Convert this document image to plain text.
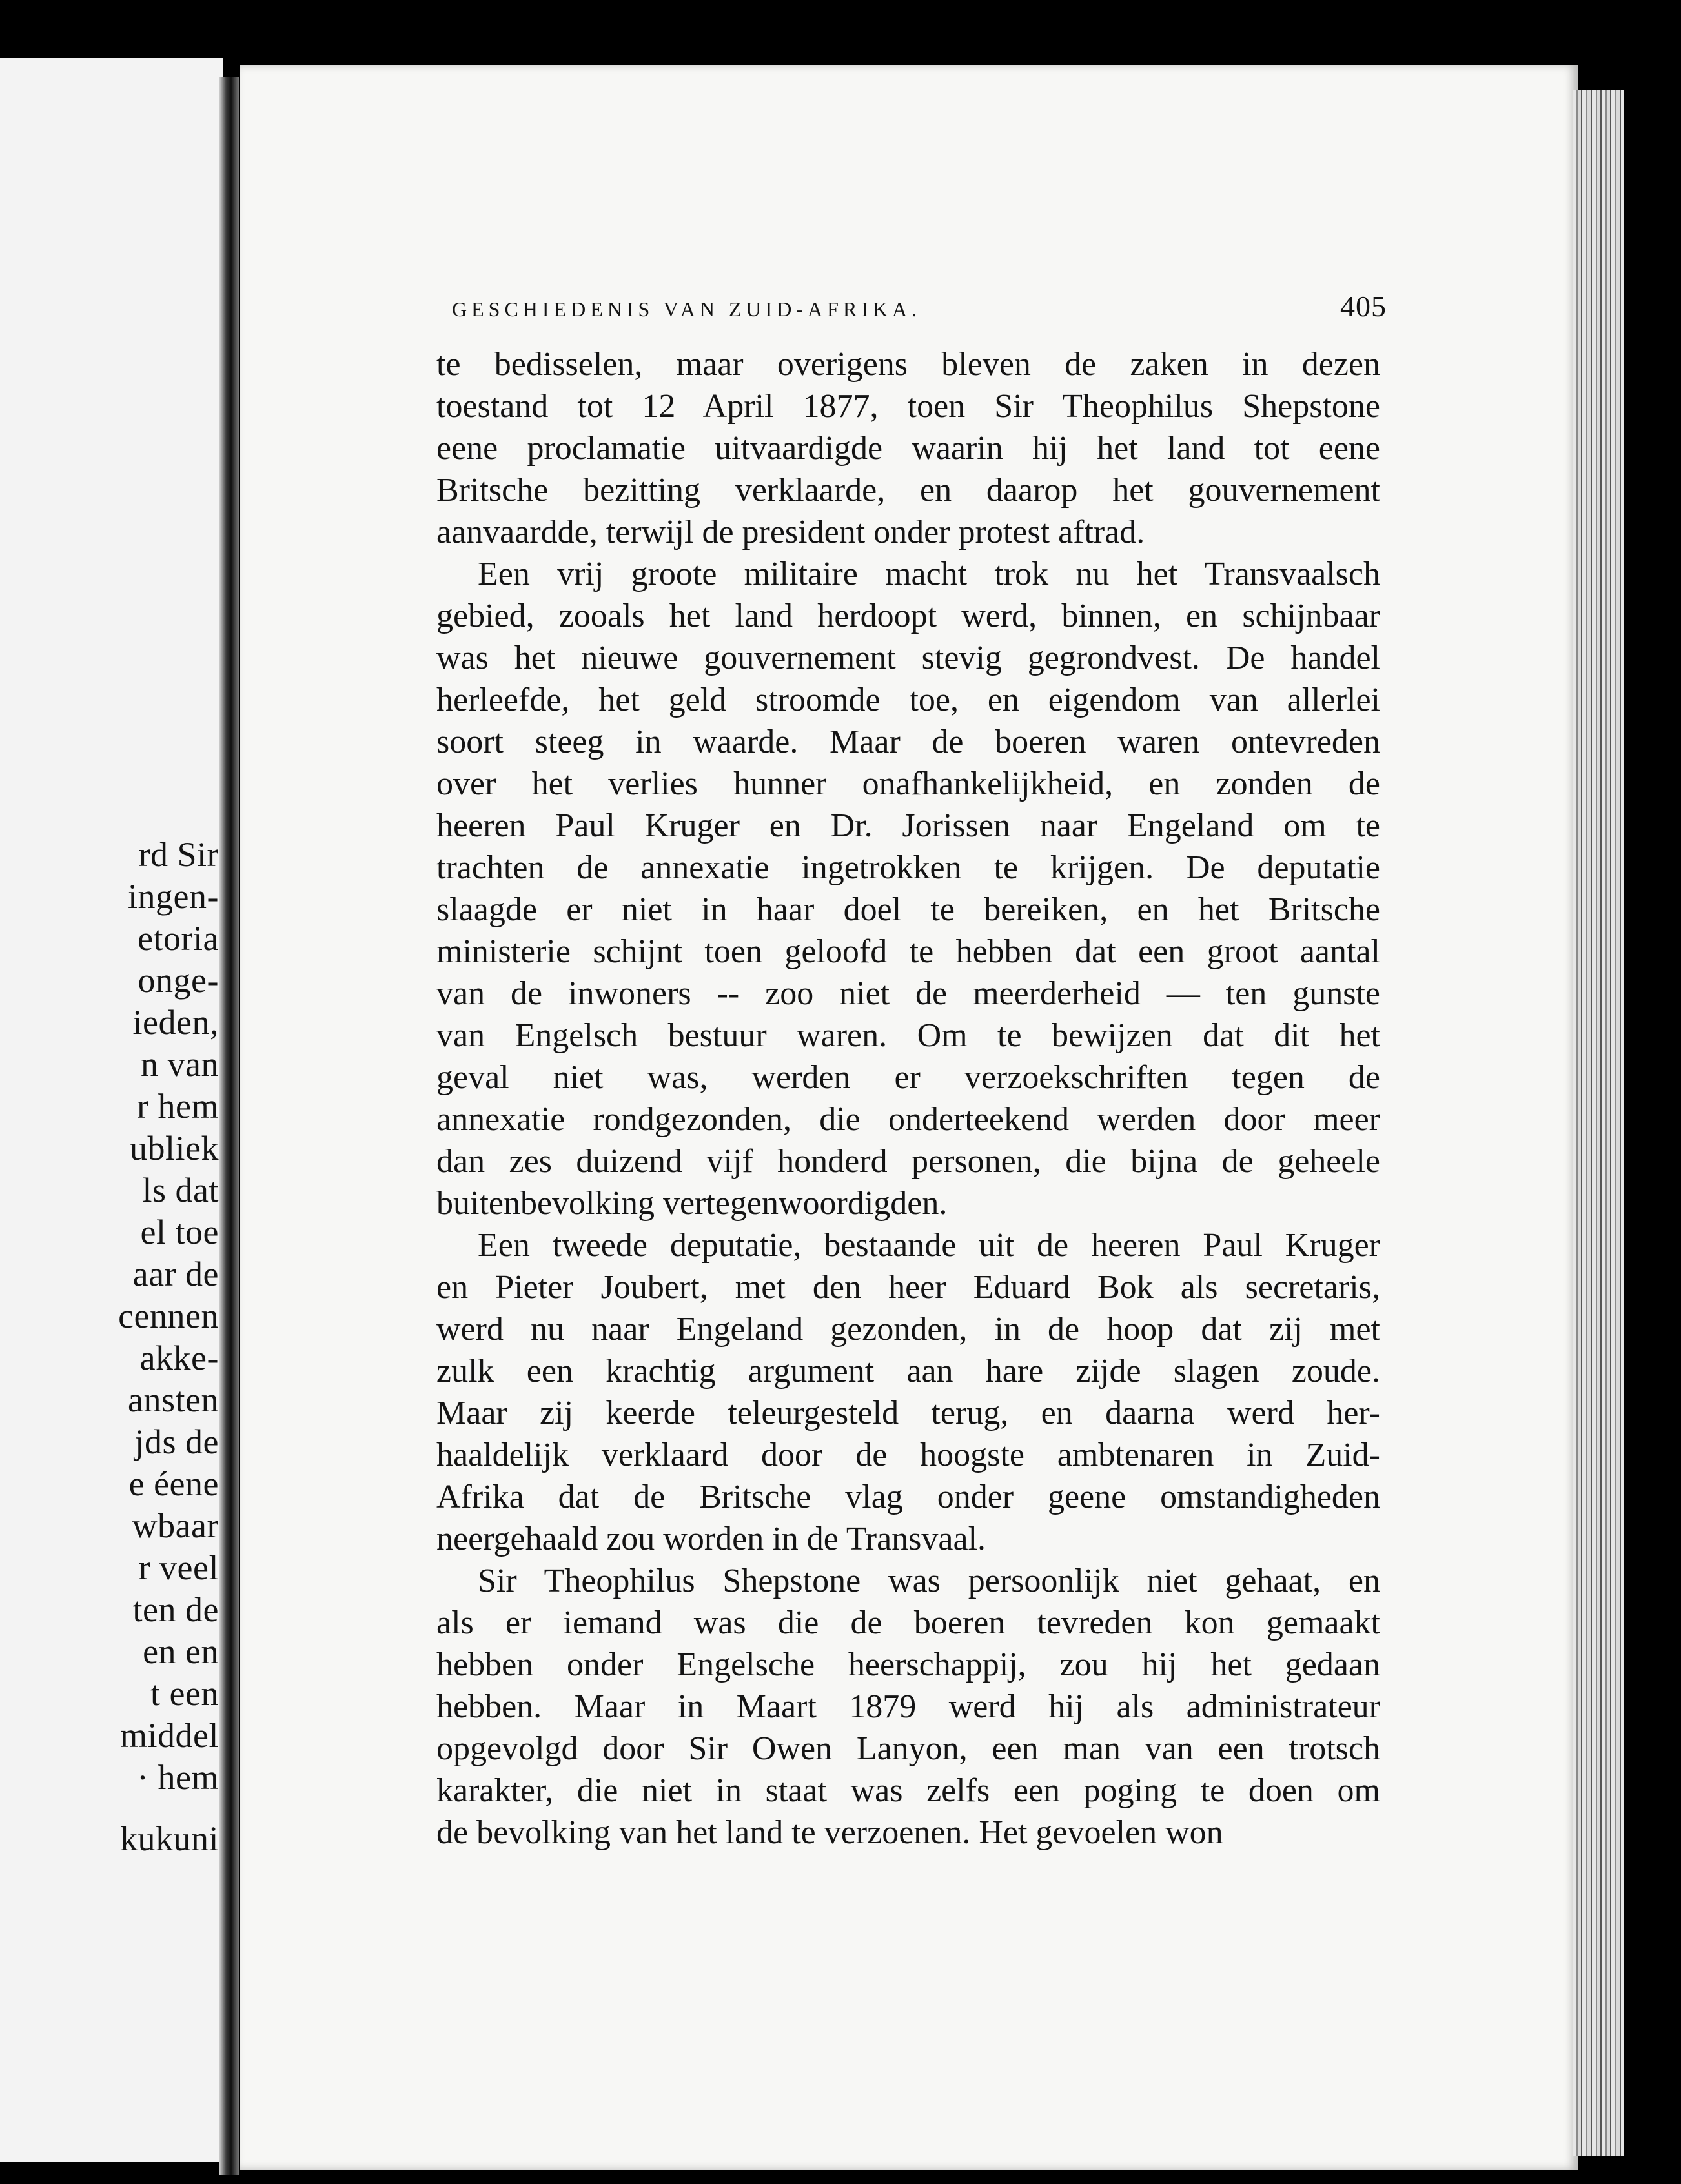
rd Sir
ingen-
etoria
onge-
ieden,
n van
r hem
ubliek
ls dat
el toe
aar de
cennen
akke-
ansten
jds de
e éene
wbaar
r veel
ten de
en en
t een
middel
· hem
kukuni
GESCHIEDENIS VAN ZUID-AFRIKA.	405
te bedisselen, maar overigens bleven de zaken in dezen
toestand tot 12 April 1877, toen Sir Theophilus Shepstone
eene proclamatie uitvaardigde waarin hij het land tot eene
Britsche bezitting verklaarde, en daarop het gouvernement
aanvaardde, terwijl de president onder protest aftrad.
Een vrij groote militaire macht trok nu het Transvaalsch
gebied, zooals het land herdoopt werd, binnen, en schijnbaar
was het nieuwe gouvernement stevig gegrondvest. De handel
herleefde, het geld stroomde toe, en eigendom van allerlei
soort steeg in waarde. Maar de boeren waren ontevreden
over het verlies hunner onafhankelijkheid, en zonden de
heeren Paul Kruger en Dr. Jorissen naar Engeland om te
trachten de annexatie ingetrokken te krijgen. De deputatie
slaagde er niet in haar doel te bereiken, en het Britsche
ministerie schijnt toen geloofd te hebben dat een groot aantal
van de inwoners -- zoo niet de meerderheid — ten gunste
van Engelsch bestuur waren. Om te bewijzen dat dit het
geval niet was, werden er verzoekschriften tegen de
annexatie rondgezonden, die onderteekend werden door meer
dan zes duizend vijf honderd personen, die bijna de geheele
buitenbevolking vertegenwoordigden.
Een tweede deputatie, bestaande uit de heeren Paul Kruger
en Pieter Joubert, met den heer Eduard Bok als secretaris,
werd nu naar Engeland gezonden, in de hoop dat zij met
zulk een krachtig argument aan hare zijde slagen zoude.
Maar zij keerde teleurgesteld terug, en daarna werd her-
haaldelijk verklaard door de hoogste ambtenaren in Zuid-
Afrika dat de Britsche vlag onder geene omstandigheden
neergehaald zou worden in de Transvaal.
Sir Theophilus Shepstone was persoonlijk niet gehaat, en
als er iemand was die de boeren tevreden kon gemaakt
hebben onder Engelsche heerschappij, zou hij het gedaan
hebben. Maar in Maart 1879 werd hij als administrateur
opgevolgd door Sir Owen Lanyon, een man van een trotsch
karakter, die niet in staat was zelfs een poging te doen om
de bevolking van het land te verzoenen. Het gevoelen won
